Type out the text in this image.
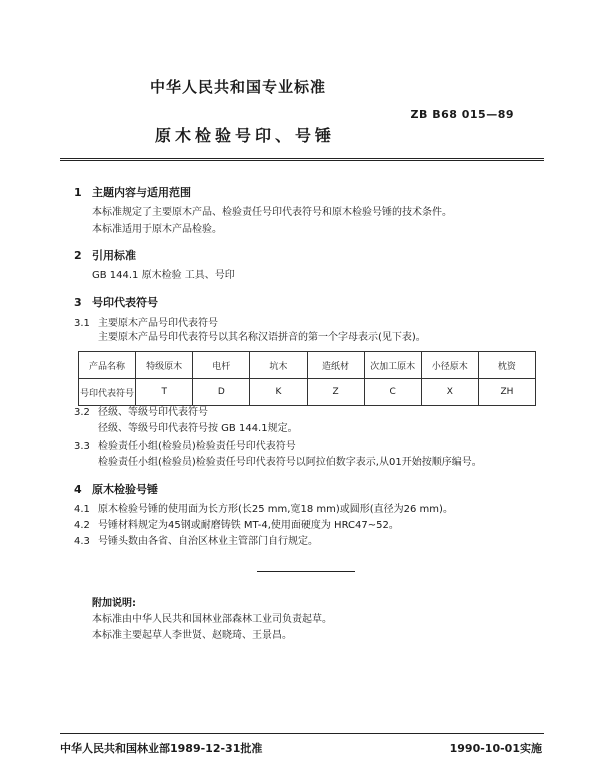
中华人民共和国专业标准
ZB B68 015—89
原木检验号印、号锤
1 主题内容与适用范围
本标准规定了主要原木产品、检验责任号印代表符号和原木检验号锤的技术条件。
本标准适用于原木产品检验。
2 引用标准
GB 144.1 原木检验 工具、号印
3 号印代表符号
3.1 主要原木产品号印代表符号
主要原木产品号印代表符号以其名称汉语拼音的第一个字母表示(见下表)。
产品名称	特级原木	电杆	坑木	造纸材	次加工原木	小径原木	枕资
号印代表符号	T	D	K	Z	C	X	ZH
3.2 径级、等级号印代表符号
径级、等级号印代表符号按 GB 144.1规定。
3.3 检验责任小组(检验员)检验责任号印代表符号
检验责任小组(检验员)检验责任号印代表符号以阿拉伯数字表示,从01开始按顺序编号。
4 原木检验号锤
4.1 原木检验号锤的使用面为长方形(长25 mm,宽18 mm)或圆形(直径为26 mm)。
4.2 号锤材料规定为45钢或耐磨铸铁 MT-4,使用面硬度为 HRC47~52。
4.3 号锤头数由各省、自治区林业主管部门自行规定。
附加说明:
本标准由中华人民共和国林业部森林工业司负责起草。
本标准主要起草人李世贤、赵晓琦、王景昌。
中华人民共和国林业部1989-12-31批准	1990-10-01实施
